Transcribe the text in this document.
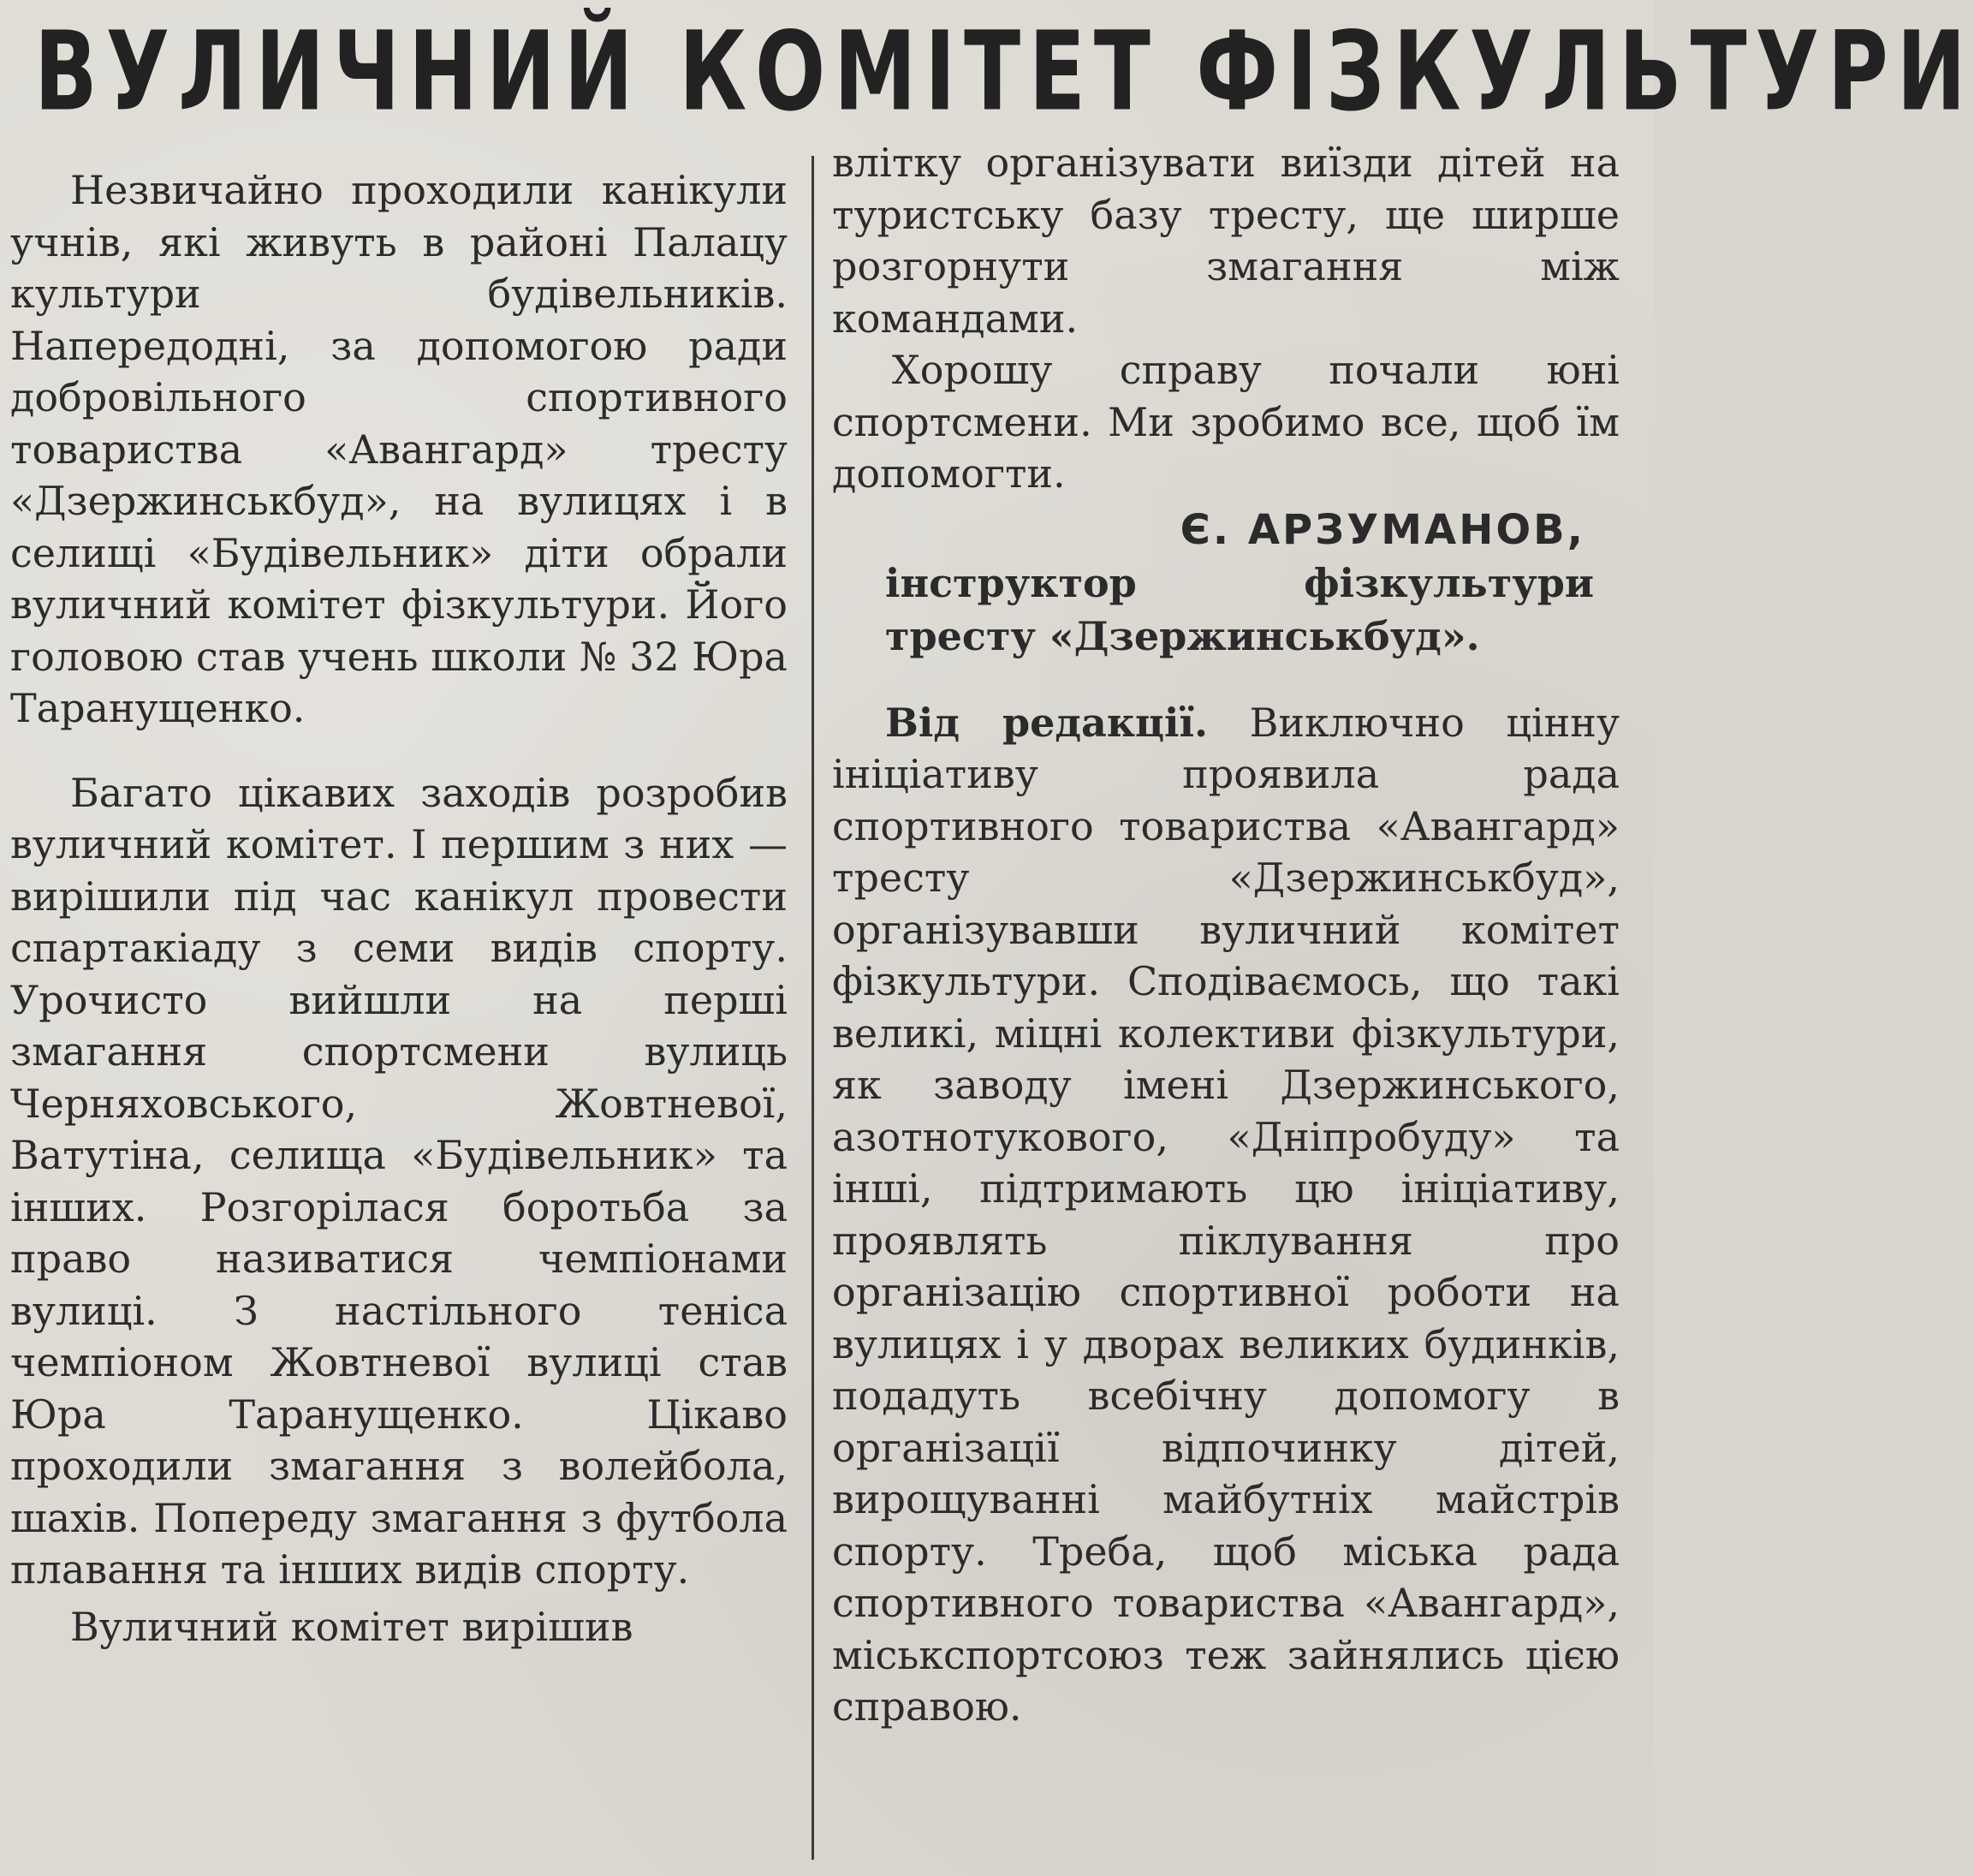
ВУЛИЧНИЙ КОМІТЕТ ФІЗКУЛЬТУРИ

Незвичайно проходили канікули учнів, які живуть в районі Палацу культури будівельників. Напередодні, за допомогою ради добровільного спортивного товариства «Авангард» тресту «Дзержинськбуд», на вулицях і в селищі «Будівельник» діти обрали вуличний комітет фізкультури. Його головою став учень школи № 32 Юра Таранущенко.

Багато цікавих заходів розробив вуличний комітет. І першим з них — вирішили під час канікул провести спартакіаду з семи видів спорту. Урочисто вийшли на перші змагання спортсмени вулиць Черняховського, Жовтневої, Ватутіна, селища «Будівельник» та інших. Розгорілася боротьба за право називатися чемпіонами вулиці. З настільного тенісa чемпіоном Жовтневої вулиці став Юра Таранущенко. Цікаво проходили змагання з волейбола, шахів. Попереду змагання з футбола плавання та інших видів спорту.

Вуличний комітет вирішив

влітку організувати виїзди дітей на туристську базу тресту, ще ширше розгорнути змагання між командами.

Хорошу справу почали юні спортсмени. Ми зробимо все, щоб їм допомогти.

Є. АРЗУМАНОВ,

інструктор фізкультури тресту «Дзержинськбуд».

Від редакції. Виключно цінну ініціативу проявила рада спортивного товариства «Авангард» тресту «Дзержинськбуд», організувавши вуличний комітет фізкультури. Сподіваємось, що такі великі, міцні колективи фізкультури, як заводу імені Дзержинського, азотнотукового, «Дніпробуду» та інші, підтримають цю ініціативу, проявлять піклування про організацію спортивної роботи на вулицях і у дворах великих будинків, подадуть всебічну допомогу в організації відпочинку дітей, вирощуванні майбутніх майстрів спорту. Треба, щоб міська рада спортивного товариства «Авангард», міськспортсоюз теж зайнялись цією справою.
